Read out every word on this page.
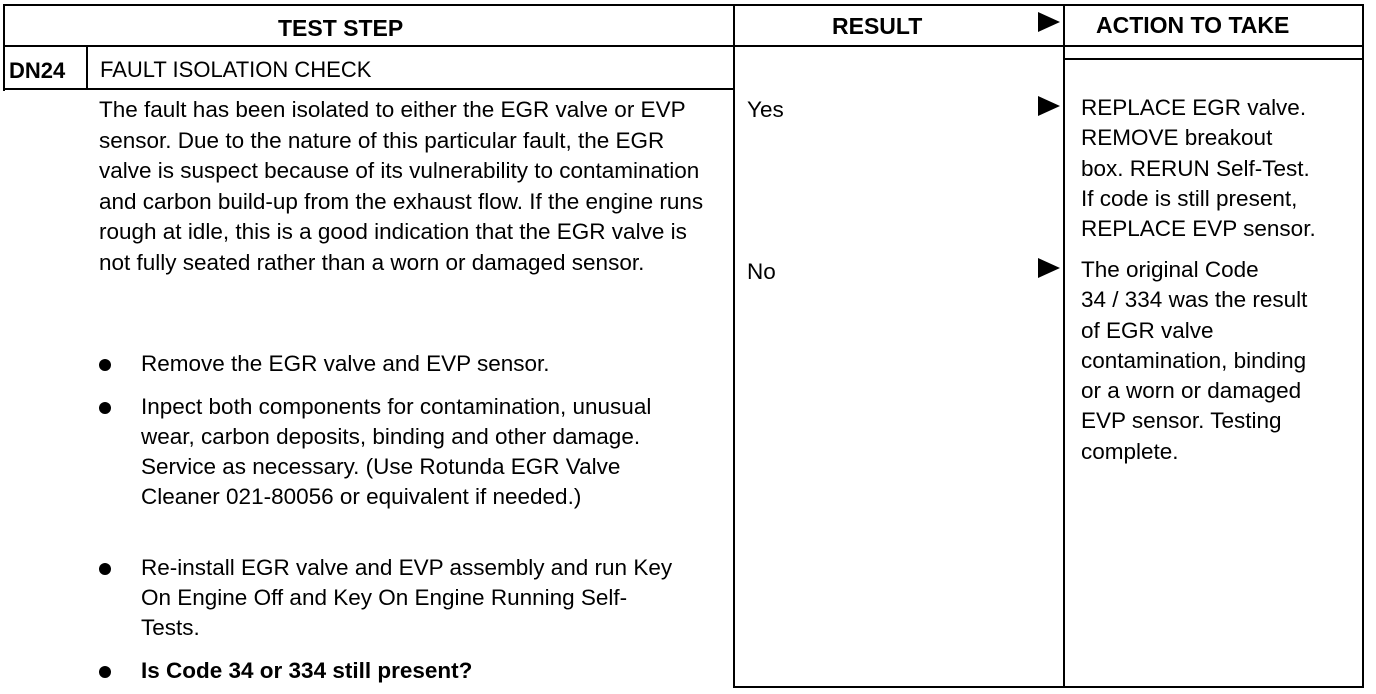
TEST STEP	RESULT	ACTION TO TAKE
DN24 FAULT ISOLATION CHECK
The fault has been isolated to either the EGR valve or EVP sensor. Due to the nature of this particular fault, the EGR valve is suspect because of its vulnerability to contamination and carbon build-up from the exhaust flow. If the engine runs rough at idle, this is a good indication that the EGR valve is not fully seated rather than a worn or damaged sensor.
Remove the EGR valve and EVP sensor.
Inpect both components for contamination, unusual wear, carbon deposits, binding and other damage. Service as necessary. (Use Rotunda EGR Valve Cleaner 021-80056 or equivalent if needed.)
Re-install EGR valve and EVP assembly and run Key On Engine Off and Key On Engine Running Self-Tests.
Is Code 34 or 334 still present?
Yes
No
REPLACE EGR valve.
REMOVE breakout
box. RERUN Self-Test.
If code is still present,
REPLACE EVP sensor.
The original Code
34 / 334 was the result
of EGR valve
contamination, binding
or a worn or damaged
EVP sensor. Testing
complete.
